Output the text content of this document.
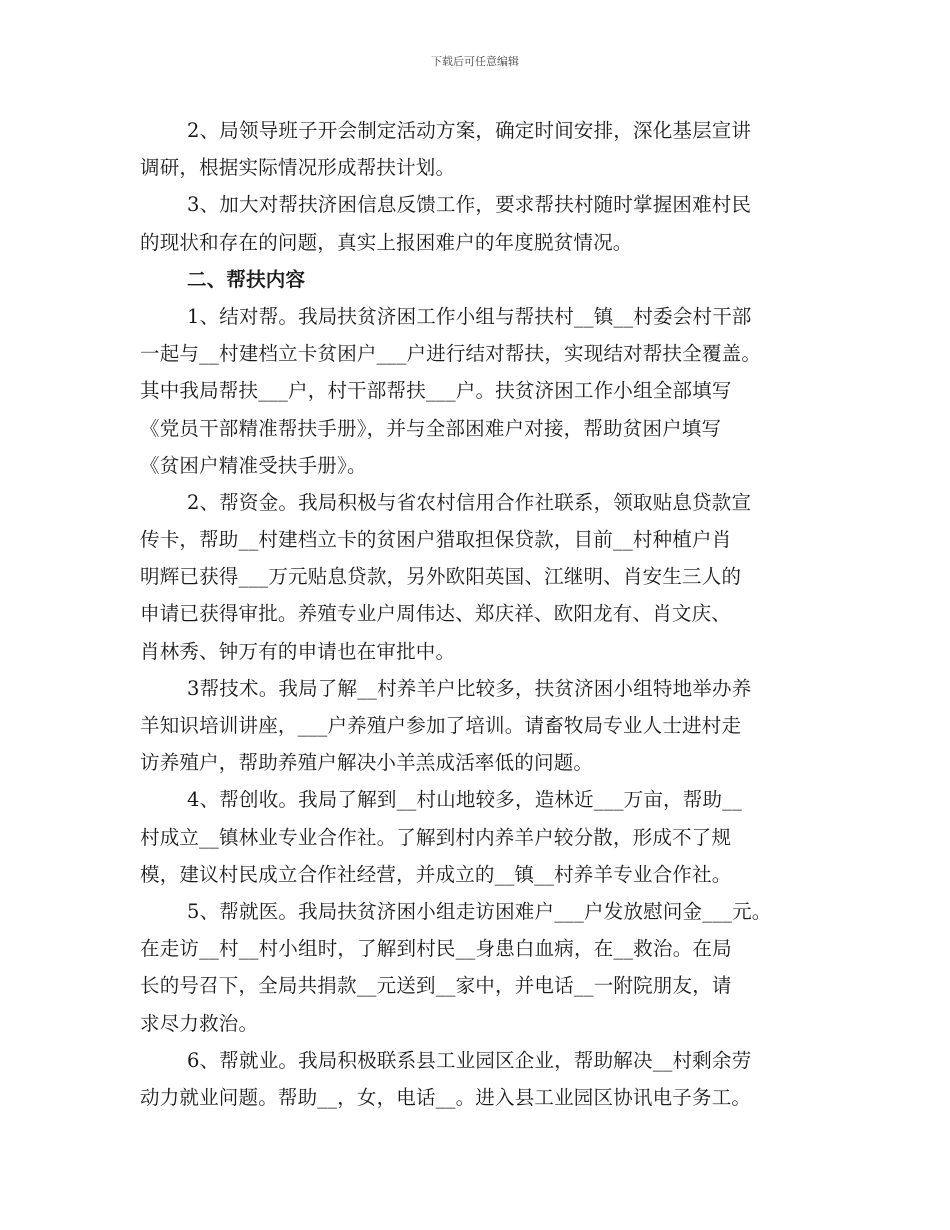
下载后可任意编辑
2、局领导班子开会制定活动方案，确定时间安排，深化基层宣讲
调研，根据实际情况形成帮扶计划。
3、加大对帮扶济困信息反馈工作，要求帮扶村随时掌握困难村民
的现状和存在的问题，真实上报困难户的年度脱贫情况。
二、帮扶内容
1、结对帮。我局扶贫济困工作小组与帮扶村__镇__村委会村干部
一起与__村建档立卡贫困户___户进行结对帮扶，实现结对帮扶全覆盖。
其中我局帮扶___户，村干部帮扶___户。扶贫济困工作小组全部填写
《党员干部精准帮扶手册》，并与全部困难户对接，帮助贫困户填写
《贫困户精准受扶手册》。
2、帮资金。我局积极与省农村信用合作社联系，领取贴息贷款宣
传卡，帮助__村建档立卡的贫困户猎取担保贷款，目前__村种植户肖
明辉已获得___万元贴息贷款，另外欧阳英国、江继明、肖安生三人的
申请已获得审批。养殖专业户周伟达、郑庆祥、欧阳龙有、肖文庆、
肖林秀、钟万有的申请也在审批中。
3帮技术。我局了解__村养羊户比较多，扶贫济困小组特地举办养
羊知识培训讲座，___户养殖户参加了培训。请畜牧局专业人士进村走
访养殖户，帮助养殖户解决小羊羔成活率低的问题。
4、帮创收。我局了解到__村山地较多，造林近___万亩，帮助__
村成立__镇林业专业合作社。了解到村内养羊户较分散，形成不了规
模，建议村民成立合作社经营，并成立的__镇__村养羊专业合作社。
5、帮就医。我局扶贫济困小组走访困难户___户发放慰问金___元。
在走访__村__村小组时，了解到村民__身患白血病，在__救治。在局
长的号召下，全局共捐款__元送到__家中，并电话__一附院朋友，请
求尽力救治。
6、帮就业。我局积极联系县工业园区企业，帮助解决__村剩余劳
动力就业问题。帮助__，女，电话__。进入县工业园区协讯电子务工。
